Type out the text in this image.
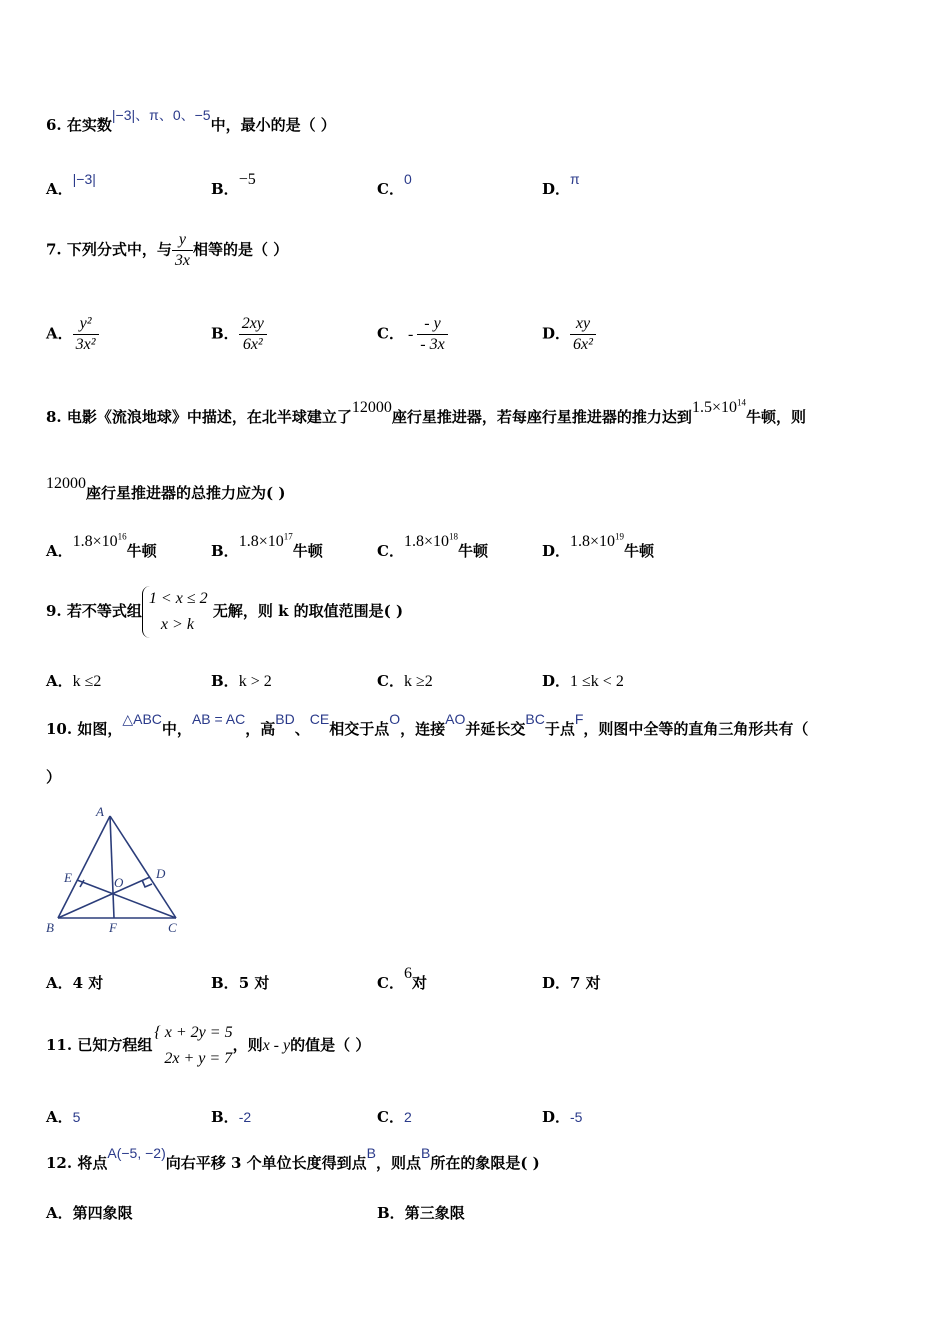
6. 在实数|−3|、π、0、−5中，最小的是（ ）
A．|−3|
B．−5
C．0
D．π
7. 下列分式中，与 $\frac{y}{3x}$ 相等的是（ ）
A． $\frac{\text{y²}}{\text{3x²}}$	B． $\frac{2xy}{\text{6x²}}$	C． - $\frac{- y}{- 3x}$	D． $\frac{xy}{\text{6x²}}$
8. 电影《流浪地球》中描述，在北半球建立了12000座行星推进器，若每座行星推进器的推力达到$1.5\times 10^{14}$牛顿，则
12000座行星推进器的总推力应为( )
A．$1.8\times 10^{16}$牛顿	B．$1.8\times 10^{17}$牛顿	C．$1.8\times 10^{18}$牛顿	D．$1.8\times 10^{19}$牛顿
9. 若不等式组
1 < x ≤ 2
x > k
无解，则 k 的取值范围是( )
A．k ≤2	B．k > 2	C．k ≥2	D．1 ≤k < 2
10. 如图，△ABC中，AB = AC，高BD、CE相交于点O，连接AO并延长交BC于点F，则图中全等的直角三角形共有（
）
A
B	C
D
E
F
O
A．4 对	B．5 对	C．6对	D．7 对
11. 已知方程组
{ x + 2y = 5
2x + y = 7
，则x - y的值是（ ）
A．5	B．-2	C．2	D．-5
12. 将点A(−5, −2)向右平移 3 个单位长度得到点B，则点B所在的象限是( )
A．第四象限	B．第三象限
